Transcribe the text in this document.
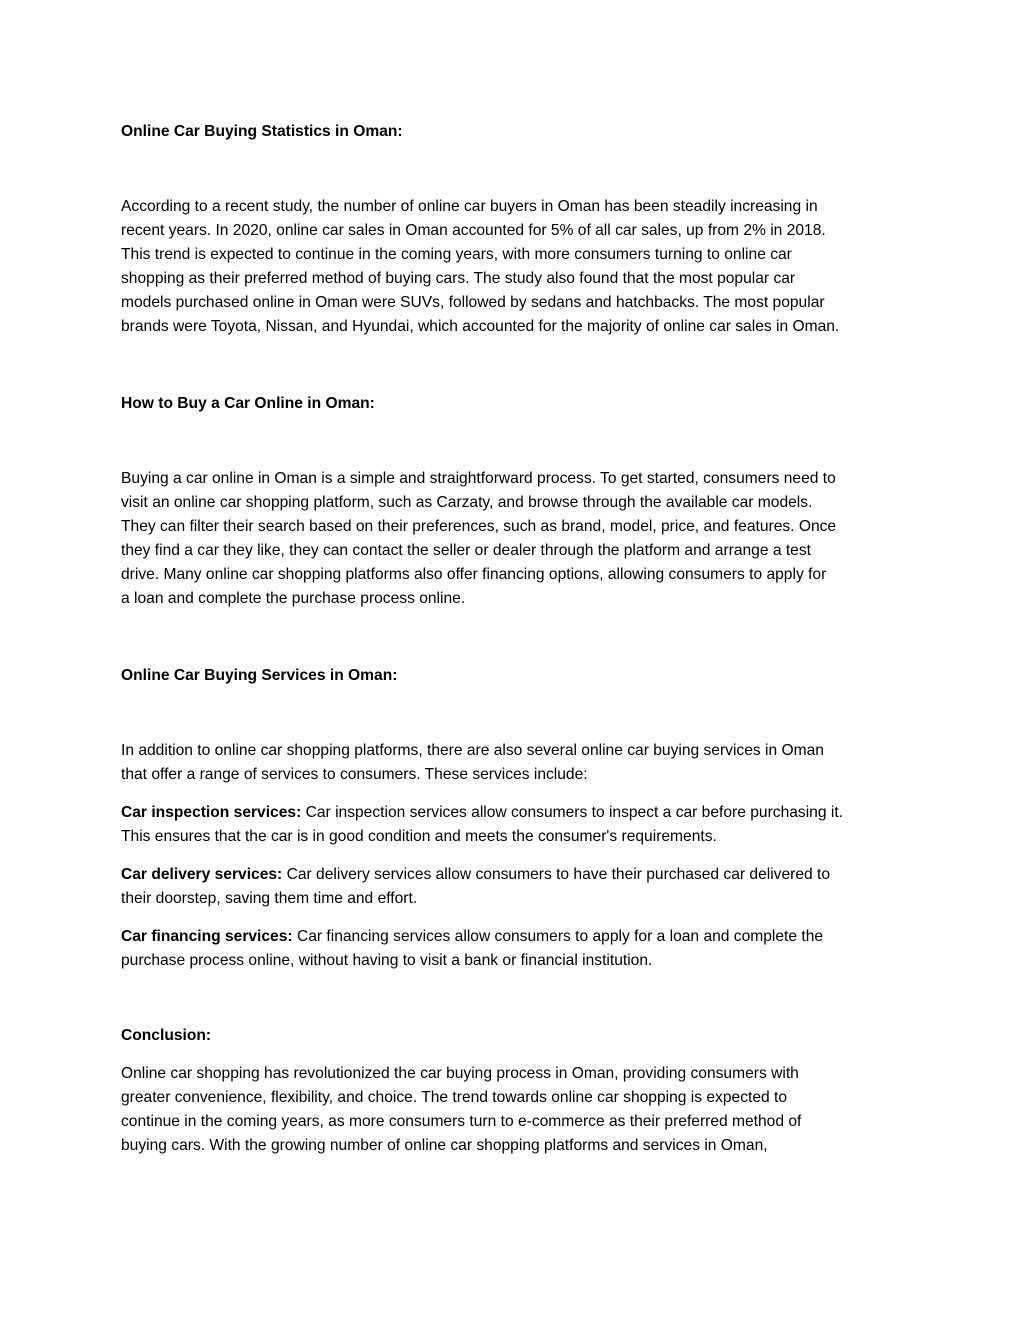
Online Car Buying Statistics in Oman:

According to a recent study, the number of online car buyers in Oman has been steadily increasing in
recent years. In 2020, online car sales in Oman accounted for 5% of all car sales, up from 2% in 2018.
This trend is expected to continue in the coming years, with more consumers turning to online car
shopping as their preferred method of buying cars. The study also found that the most popular car
models purchased online in Oman were SUVs, followed by sedans and hatchbacks. The most popular
brands were Toyota, Nissan, and Hyundai, which accounted for the majority of online car sales in Oman.

How to Buy a Car Online in Oman:

Buying a car online in Oman is a simple and straightforward process. To get started, consumers need to
visit an online car shopping platform, such as Carzaty, and browse through the available car models.
They can filter their search based on their preferences, such as brand, model, price, and features. Once
they find a car they like, they can contact the seller or dealer through the platform and arrange a test
drive. Many online car shopping platforms also offer financing options, allowing consumers to apply for
a loan and complete the purchase process online.

Online Car Buying Services in Oman:

In addition to online car shopping platforms, there are also several online car buying services in Oman
that offer a range of services to consumers. These services include:

Car inspection services: Car inspection services allow consumers to inspect a car before purchasing it.
This ensures that the car is in good condition and meets the consumer's requirements.

Car delivery services: Car delivery services allow consumers to have their purchased car delivered to
their doorstep, saving them time and effort.

Car financing services: Car financing services allow consumers to apply for a loan and complete the
purchase process online, without having to visit a bank or financial institution.

Conclusion:

Online car shopping has revolutionized the car buying process in Oman, providing consumers with
greater convenience, flexibility, and choice. The trend towards online car shopping is expected to
continue in the coming years, as more consumers turn to e-commerce as their preferred method of
buying cars. With the growing number of online car shopping platforms and services in Oman,
